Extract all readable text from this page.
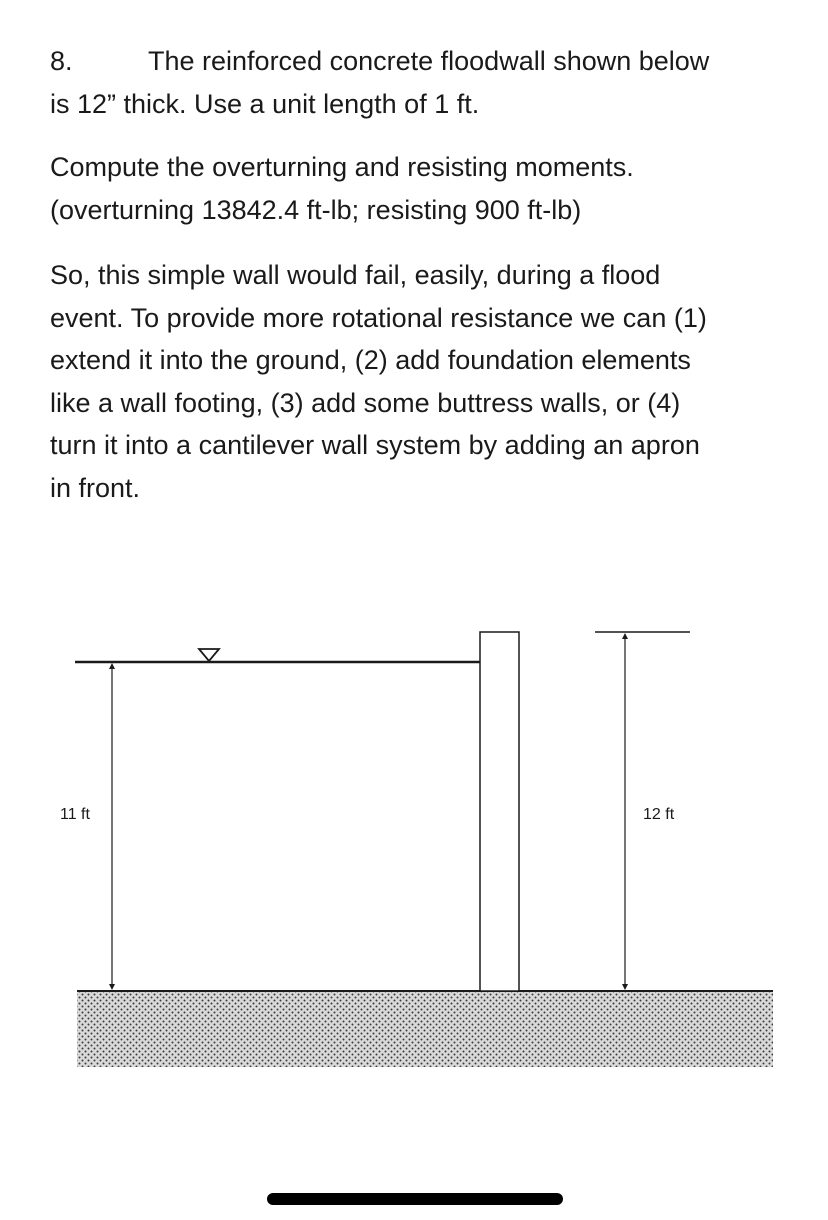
8.	The reinforced concrete floodwall shown below
is 12” thick. Use a unit length of 1 ft.
Compute the overturning and resisting moments.
(overturning 13842.4 ft-lb; resisting 900 ft-lb)
So, this simple wall would fail, easily, during a flood
event. To provide more rotational resistance we can (1)
extend it into the ground, (2) add foundation elements
like a wall footing, (3) add some buttress walls, or (4)
turn it into a cantilever wall system by adding an apron
in front.
11 ft	12 ft
